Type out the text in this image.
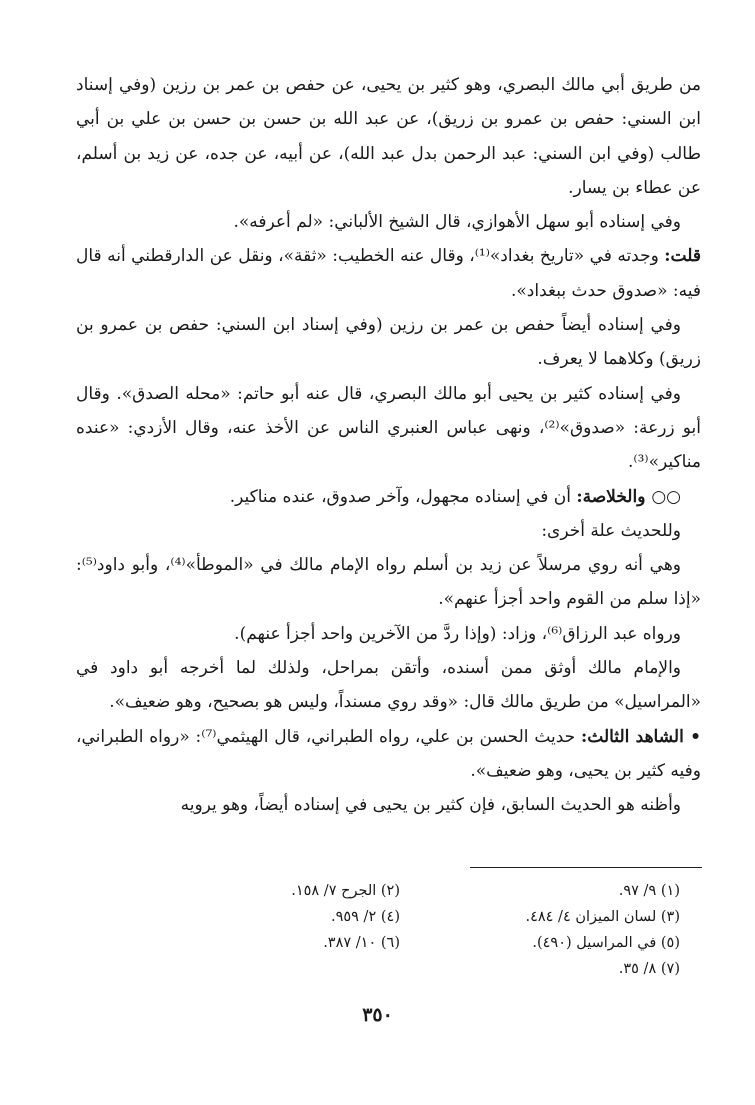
من طريق أبي مالك البصري، وهو كثير بن يحيى، عن حفص بن عمر بن رزين (وفي إسناد ابن السني: حفص بن عمرو بن زريق)، عن عبد الله بن حسن بن حسن بن علي بن أبي طالب (وفي ابن السني: عبد الرحمن بدل عبد الله)، عن أبيه، عن جده، عن زيد بن أسلم، عن عطاء بن يسار.

وفي إسناده أبو سهل الأهوازي، قال الشيخ الألباني: «لم أعرفه».

قلت: وجدته في «تاريخ بغداد»⁽¹⁾، وقال عنه الخطيب: «ثقة»، ونقل عن الدارقطني أنه قال فيه: «صدوق حدث ببغداد».

وفي إسناده أيضاً حفص بن عمر بن رزين (وفي إسناد ابن السني: حفص بن عمرو بن زريق) وكلاهما لا يعرف.

وفي إسناده كثير بن يحيى أبو مالك البصري، قال عنه أبو حاتم: «محله الصدق». وقال أبو زرعة: «صدوق»⁽²⁾، ونهى عباس العنبري الناس عن الأخذ عنه، وقال الأزدي: «عنده مناكير»⁽³⁾.

○○ والخلاصة: أن في إسناده مجهول، وآخر صدوق، عنده مناكير.

وللحديث علة أخرى:

وهي أنه روي مرسلاً عن زيد بن أسلم رواه الإمام مالك في «الموطأ»⁽⁴⁾، وأبو داود⁽⁵⁾: «إذا سلم من القوم واحد أجزأ عنهم».

ورواه عبد الرزاق⁽⁶⁾، وزاد: (وإذا ردَّ من الآخرين واحد أجزأ عنهم).

والإمام مالك أوثق ممن أسنده، وأتقن بمراحل، ولذلك لما أخرجه أبو داود في «المراسيل» من طريق مالك قال: «وقد روي مسنداً، وليس هو بصحيح، وهو ضعيف».

• الشاهد الثالث: حديث الحسن بن علي، رواه الطبراني، قال الهيثمي⁽⁷⁾: «رواه الطبراني، وفيه كثير بن يحيى، وهو ضعيف».

وأظنه هو الحديث السابق، فإن كثير بن يحيى في إسناده أيضاً، وهو يرويه

(١) ٩/ ٩٧.
(٢) الجرح ٧/ ١٥٨.
(٣) لسان الميزان ٤/ ٤٨٤.
(٤) ٢/ ٩٥٩.
(٥) في المراسيل (٤٩٠).
(٦) ١٠/ ٣٨٧.
(٧) ٨/ ٣٥.
٣٥٠
